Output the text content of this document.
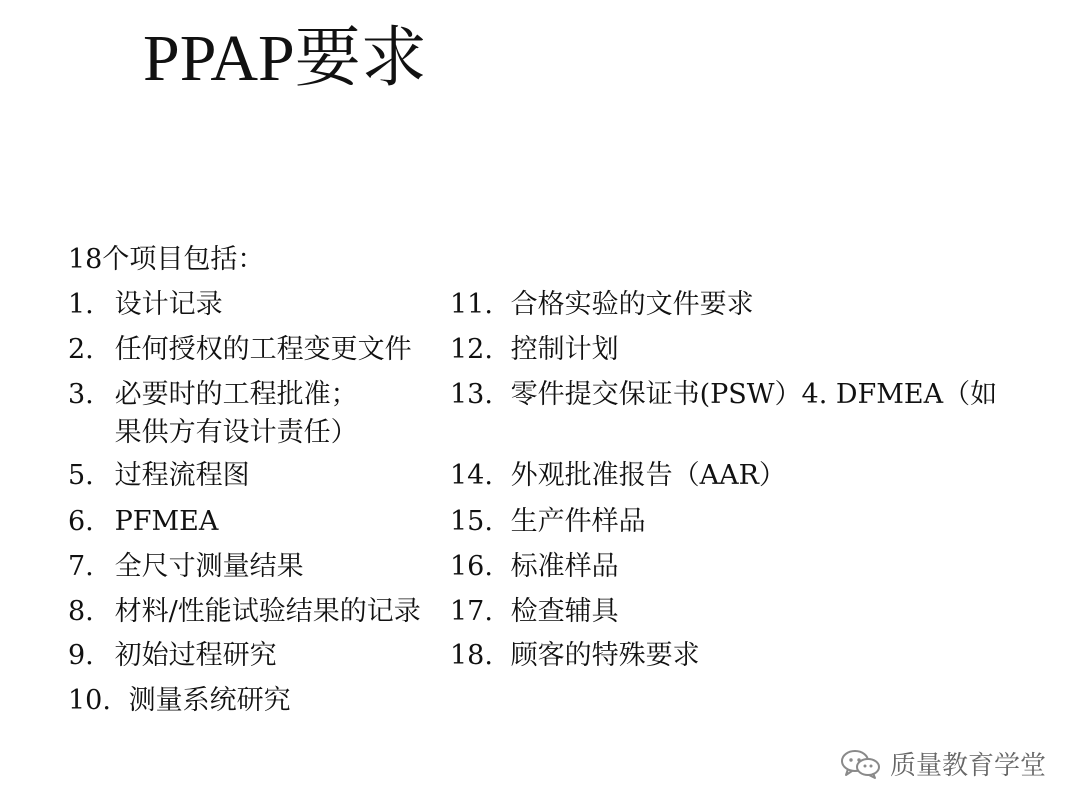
PPAP要求
18个项目包括：
1. 设计记录
2. 任何授权的工程变更文件
3. 必要时的工程批准；
果供方有设计责任）
5. 过程流程图
6. PFMEA
7. 全尺寸测量结果
8. 材料/性能试验结果的记录
9. 初始过程研究
10. 测量系统研究
11. 合格实验的文件要求
12. 控制计划
13. 零件提交保证书(PSW）4. DFMEA（如
14. 外观批准报告（AAR）
15. 生产件样品
16. 标准样品
17. 检查辅具
18. 顾客的特殊要求
质量教育学堂
